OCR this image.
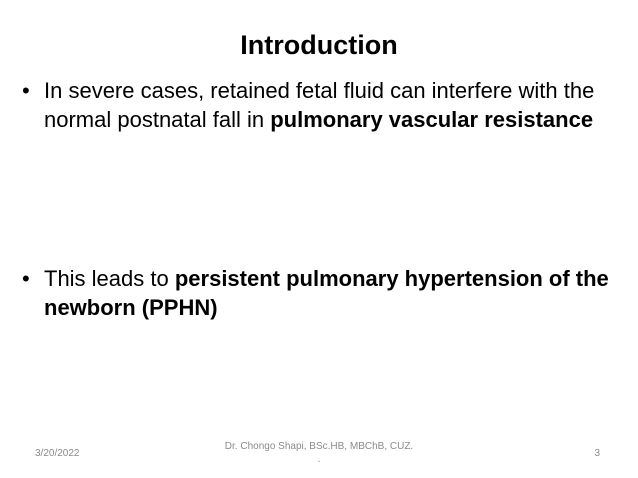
Introduction
• In severe cases, retained fetal fluid can interfere with the normal postnatal fall in pulmonary vascular resistance
• This leads to persistent pulmonary hypertension of the newborn (PPHN)
3/20/2022
Dr. Chongo Shapi, BSc.HB, MBChB, CUZ.
.
3
